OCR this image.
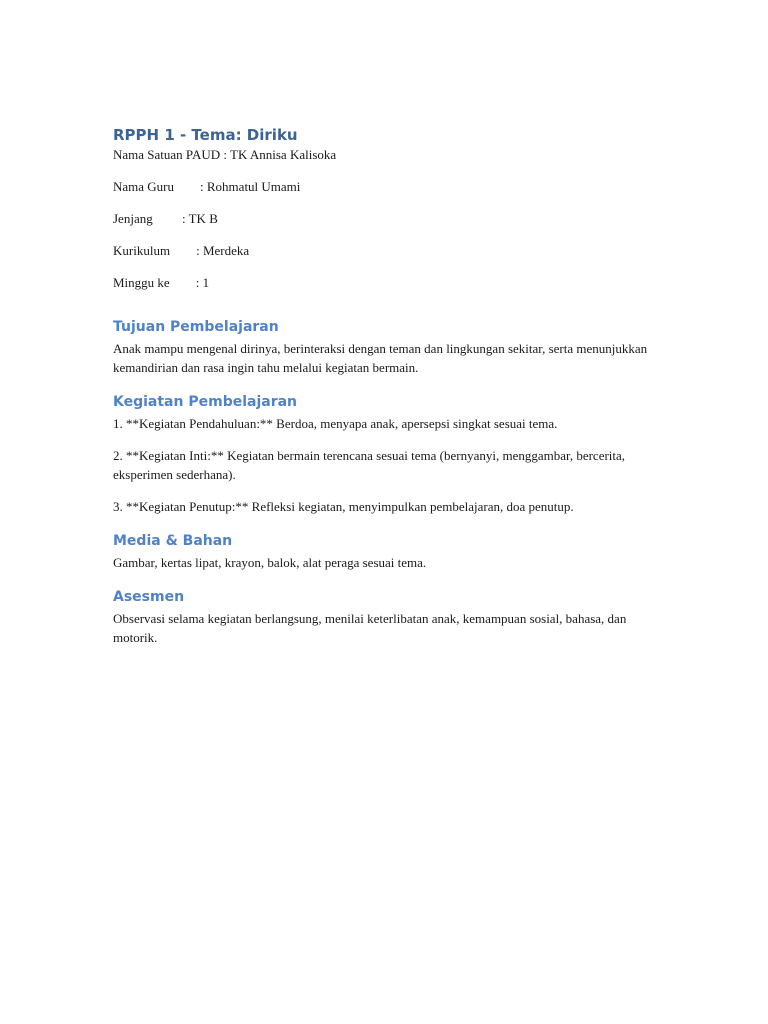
RPPH 1 - Tema: Diriku

Nama Satuan PAUD : TK Annisa Kalisoka

Nama Guru : Rohmatul Umami

Jenjang : TK B

Kurikulum : Merdeka

Minggu ke : 1

Tujuan Pembelajaran

Anak mampu mengenal dirinya, berinteraksi dengan teman dan lingkungan sekitar, serta menunjukkan kemandirian dan rasa ingin tahu melalui kegiatan bermain.

Kegiatan Pembelajaran

1. **Kegiatan Pendahuluan:** Berdoa, menyapa anak, apersepsi singkat sesuai tema.

2. **Kegiatan Inti:** Kegiatan bermain terencana sesuai tema (bernyanyi, menggambar, bercerita, eksperimen sederhana).

3. **Kegiatan Penutup:** Refleksi kegiatan, menyimpulkan pembelajaran, doa penutup.

Media & Bahan

Gambar, kertas lipat, krayon, balok, alat peraga sesuai tema.

Asesmen

Observasi selama kegiatan berlangsung, menilai keterlibatan anak, kemampuan sosial, bahasa, dan motorik.
